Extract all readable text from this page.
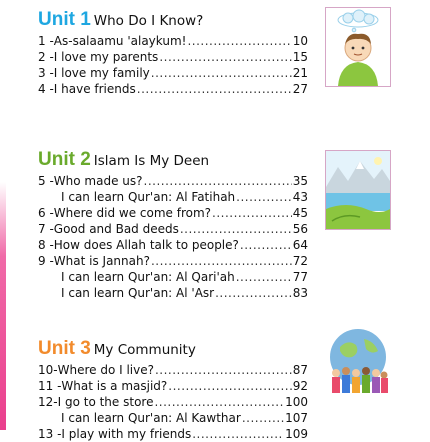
Unit 1 Who Do I Know?
1 - As-salaamu 'alaykum! .....	10
2 - I love my parents .....	15
3 - I love my family .....	21
4 - I have friends .....	27
Unit 2 Islam Is My Deen
5 - Who made us? .....	35
I can learn Qur'an: Al Fatihah .....	43
6 - Where did we come from? .....	45
7 - Good and Bad deeds .....	56
8 - How does Allah talk to people? .....	64
9 - What is Jannah? .....	72
I can learn Qur'an: Al Qari'ah .....	77
I can learn Qur'an: Al 'Asr .....	83
Unit 3 My Community
10- Where do I live? .....	87
11 - What is a masjid? .....	92
12- I go to the store .....	100
I can learn Qur'an: Al Kawthar .....	107
13 - I play with my friends .....	109
